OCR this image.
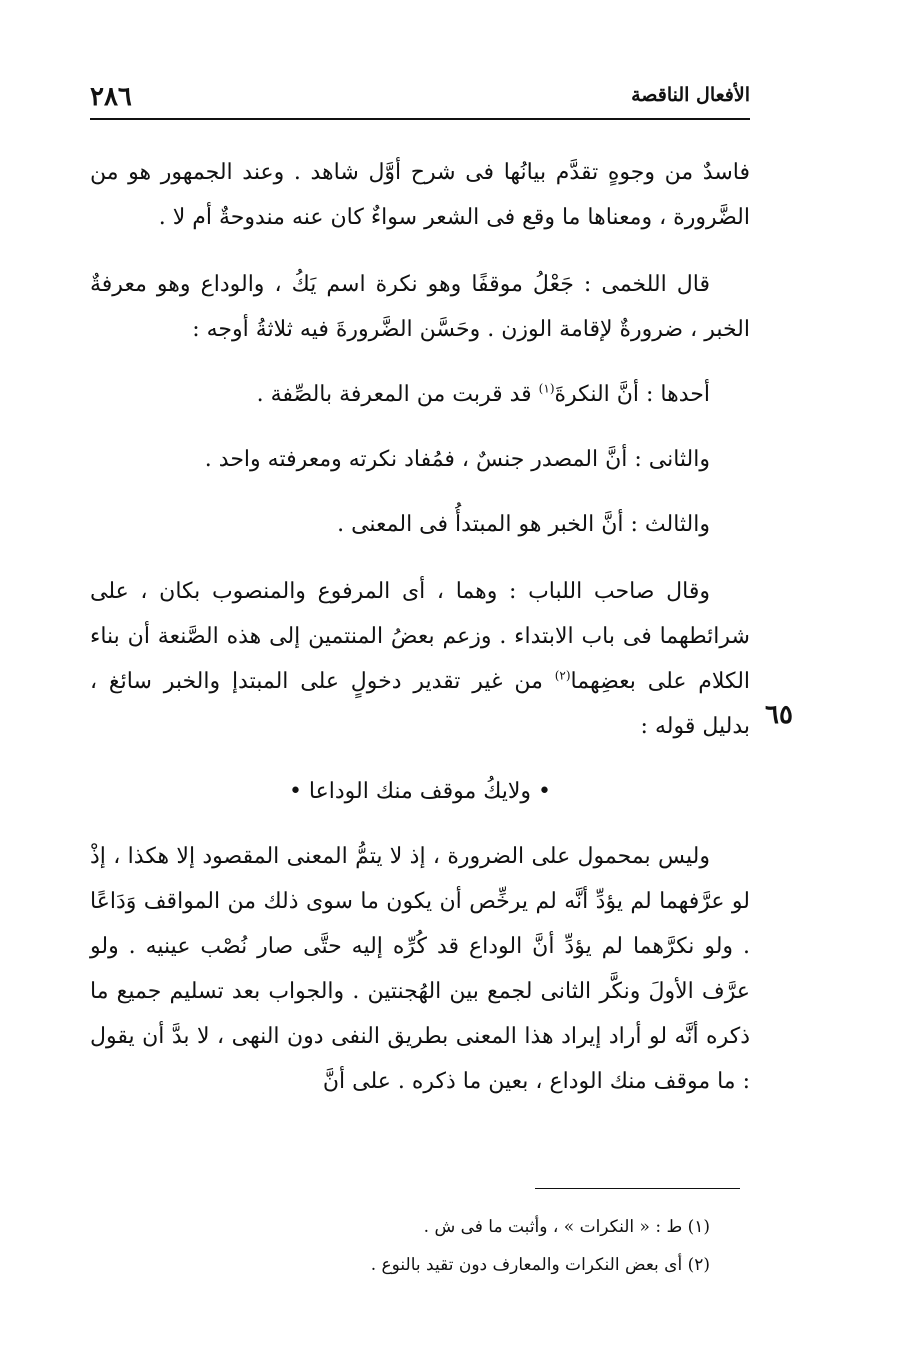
٢٨٦	الأفعال الناقصة

فاسدٌ من وجوهٍ تقدَّم بيانُها فى شرح أوَّل شاهد . وعند الجمهور هو من الضَّرورة ، ومعناها ما وقع فى الشعر سواءٌ كان عنه مندوحةٌ أم لا .

قال اللخمى : جَعْلُ موقفًا وهو نكرة اسم يَكُ ، والوداع وهو معرفةٌ الخبر ، ضرورةٌ لإقامة الوزن . وحَسَّن الضَّرورةَ فيه ثلاثةُ أوجه :

أحدها : أنَّ النكرةَ$^{(١)}$ قد قربت من المعرفة بالصِّفة .

والثانى : أنَّ المصدر جنسٌ ، فمُفاد نكرته ومعرفته واحد .

والثالث : أنَّ الخبر هو المبتدأُ فى المعنى .

وقال صاحب اللباب : وهما ، أى المرفوع والمنصوب بكان ، على شرائطهما فى باب الابتداء . وزعم بعضُ المنتمين إلى هذه الصَّنعة أن بناء الكلام على بعضِهما$^{(٢)}$ من غير تقدير دخولٍ على المبتدإ والخبر سائغ ، بدليل قوله :

• ولايكُ موقف منك الوداعا •

وليس بمحمول على الضرورة ، إذ لا يتمُّ المعنى المقصود إلا هكذا ، إذْ لو عرَّفهما لم يؤدِّ أنَّه لم يرخِّص أن يكون ما سوى ذلك من المواقف وَدَاعًا . ولو نكرَّهما لم يؤدِّ أنَّ الوداع قد كُرِّه إليه حتَّى صار نُصْب عينيه . ولو عرَّف الأولَ ونكَّر الثانى لجمع بين الهُجنتين . والجواب بعد تسليم جميع ما ذكره أنَّه لو أراد إيراد هذا المعنى بطريق النفى دون النهى ، لا بدَّ أن يقول : ما موقف منك الوداع ، بعين ما ذكره . على أنَّ

٦٥
(١) ط : « النكرات » ، وأثبت ما فى ش .
(٢) أى بعض النكرات والمعارف دون تقيد بالنوع .
